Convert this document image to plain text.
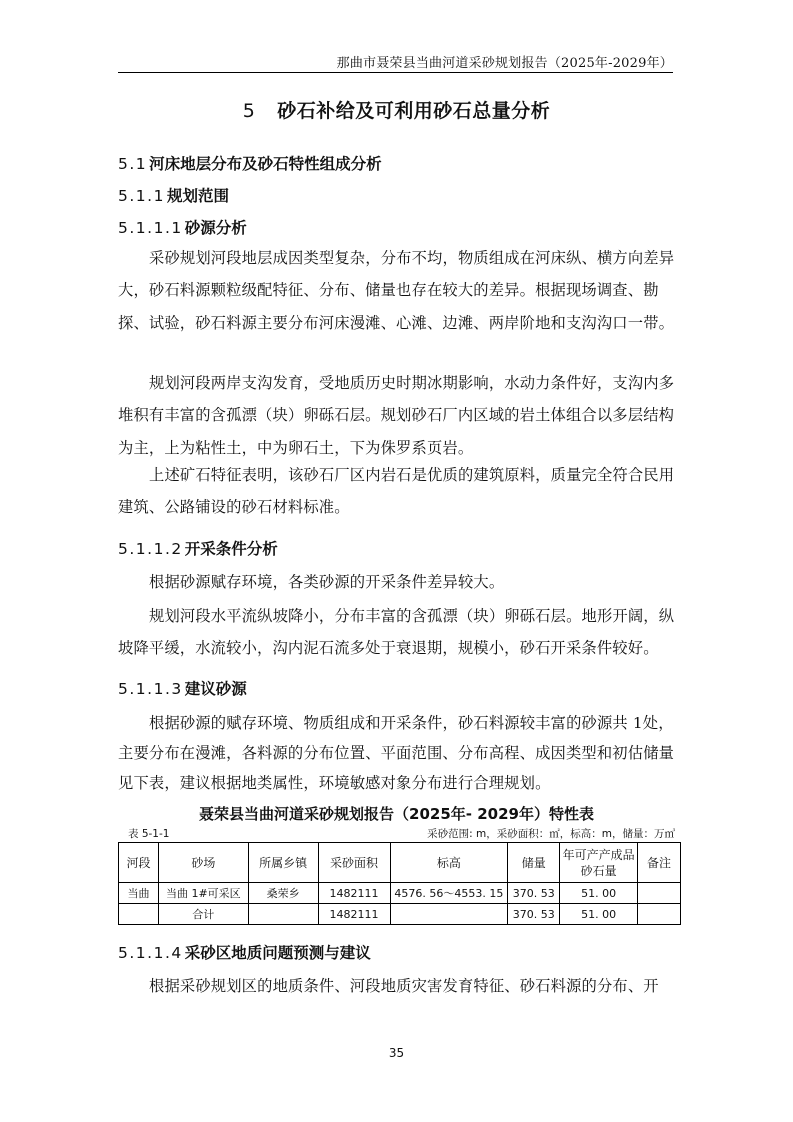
那曲市聂荣县当曲河道采砂规划报告（2025年-2029年）
5 砂石补给及可利用砂石总量分析
5.1 河床地层分布及砂石特性组成分析
5.1.1 规划范围
5.1.1.1 砂源分析
采砂规划河段地层成因类型复杂，分布不均，物质组成在河床纵、横方向差异大，砂石料源颗粒级配特征、分布、储量也存在较大的差异。根据现场调查、勘探、试验，砂石料源主要分布河床漫滩、心滩、边滩、两岸阶地和支沟沟口一带。
规划河段两岸支沟发育，受地质历史时期冰期影响，水动力条件好，支沟内多堆积有丰富的含孤漂（块）卵砾石层。规划砂石厂内区域的岩土体组合以多层结构为主，上为粘性土，中为卵石土，下为侏罗系页岩。
上述矿石特征表明，该砂石厂区内岩石是优质的建筑原料，质量完全符合民用建筑、公路铺设的砂石材料标准。
5.1.1.2 开采条件分析
根据砂源赋存环境，各类砂源的开采条件差异较大。
规划河段水平流纵坡降小，分布丰富的含孤漂（块）卵砾石层。地形开阔，纵坡降平缓，水流较小，沟内泥石流多处于衰退期，规模小，砂石开采条件较好。
5.1.1.3 建议砂源
根据砂源的赋存环境、物质组成和开采条件，砂石料源较丰富的砂源共 1处，主要分布在漫滩，各料源的分布位置、平面范围、分布高程、成因类型和初估储量见下表，建议根据地类属性，环境敏感对象分布进行合理规划。
聂荣县当曲河道采砂规划报告（2025年- 2029年）特性表
表 5-1-1	采砂范围: m，采砂面积：㎡，标高：m，储量：万㎥
河段	砂场	所属乡镇	采砂面积	标高	储量	年可产产成品砂石量	备注
当曲	当曲 1#可采区	桑荣乡	1482111	4576. 56～4553. 15	370. 53	51. 00	
	合计		1482111		370. 53	51. 00	
5.1.1.4 采砂区地质问题预测与建议
根据采砂规划区的地质条件、河段地质灾害发育特征、砂石料源的分布、开
35
